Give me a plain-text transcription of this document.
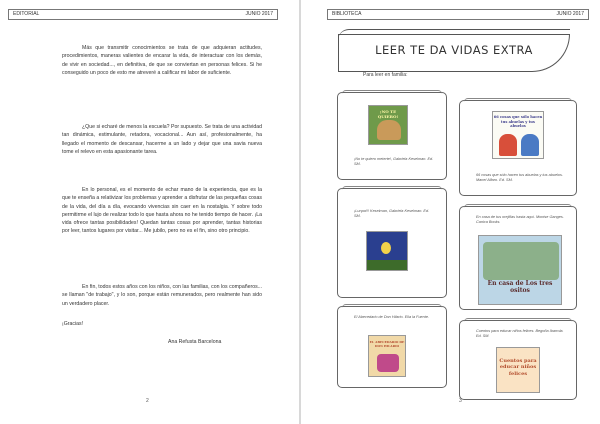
EDITORIAL	JUNIO 2017

Más que transmitir conocimientos se trata de que adquieran actitudes, procedimientos, maneras valientes de encarar la vida, de interactuar con los demás, de vivir en sociedad..., en definitiva, de que se conviertan en personas felices. Si he conseguido un poco de esto me atreveré a calificar mi labor de suficiente.

¿Que si echaré de menos la escuela? Por supuesto. Se trata de una actividad tan dinámica, estimulante, retadora, vocacional... Aun así, profesionalmente, ha llegado el momento de descansar, hacerme a un lado y dejar que una savia nueva tome el relevo en esta apasionante tarea.

En lo personal, es el momento de echar mano de la experiencia, que es la que te enseña a relativizar los problemas y aprender a disfrutar de las pequeñas cosas de la vida, del día a día, evocando vivencias sin caer en la nostalgia. Y sobre todo permitirme el lujo de realizar todo lo que hasta ahora no he tenido tiempo de hacer. ¡La vida ofrece tantas posibilidades! Quedan tantas cosas por aprender, tantas historias por leer, tantos lugares por visitar... Me jubilo, pero no es el fin, sino otro principio.

En fin, todos estos años con los niños, con las familias, con los compañeros... se llaman "de trabajo", y lo son, porque están remunerados, pero realmente han sido un verdadero placer.

¡Gracias!
Ana Refusta Barcelona
2
BIBLIOTECA	JUNIO 2017
LEER TE DA VIDAS EXTRA
Para leer en familia:
¡NO TE QUIERO!
¡No te quiero meterte!, Gabriela Keselman. Ed. SM.
¡Lunpa!!! Keselman, Gabriela Keselman. Ed. SM.
El Abecedario de Don Hilario. Elia la Fuente.
EL ABECEDARIO DE DON HILARIO
66 cosas que sólo hacen tus abuelas y tus abuelos
66 cosas que sólo hacen tus abuelas y tus abuelos. Manel Alfaro. Ed. SM.
En casa de tus orejillas hasta aquí. Montse Ganges. Canica Books.
En casa de Los tres ositos
Cuentos para educar niños felices. Begoña Ibarrola. Ed. SM.
Cuentos para educar niños felices
3
